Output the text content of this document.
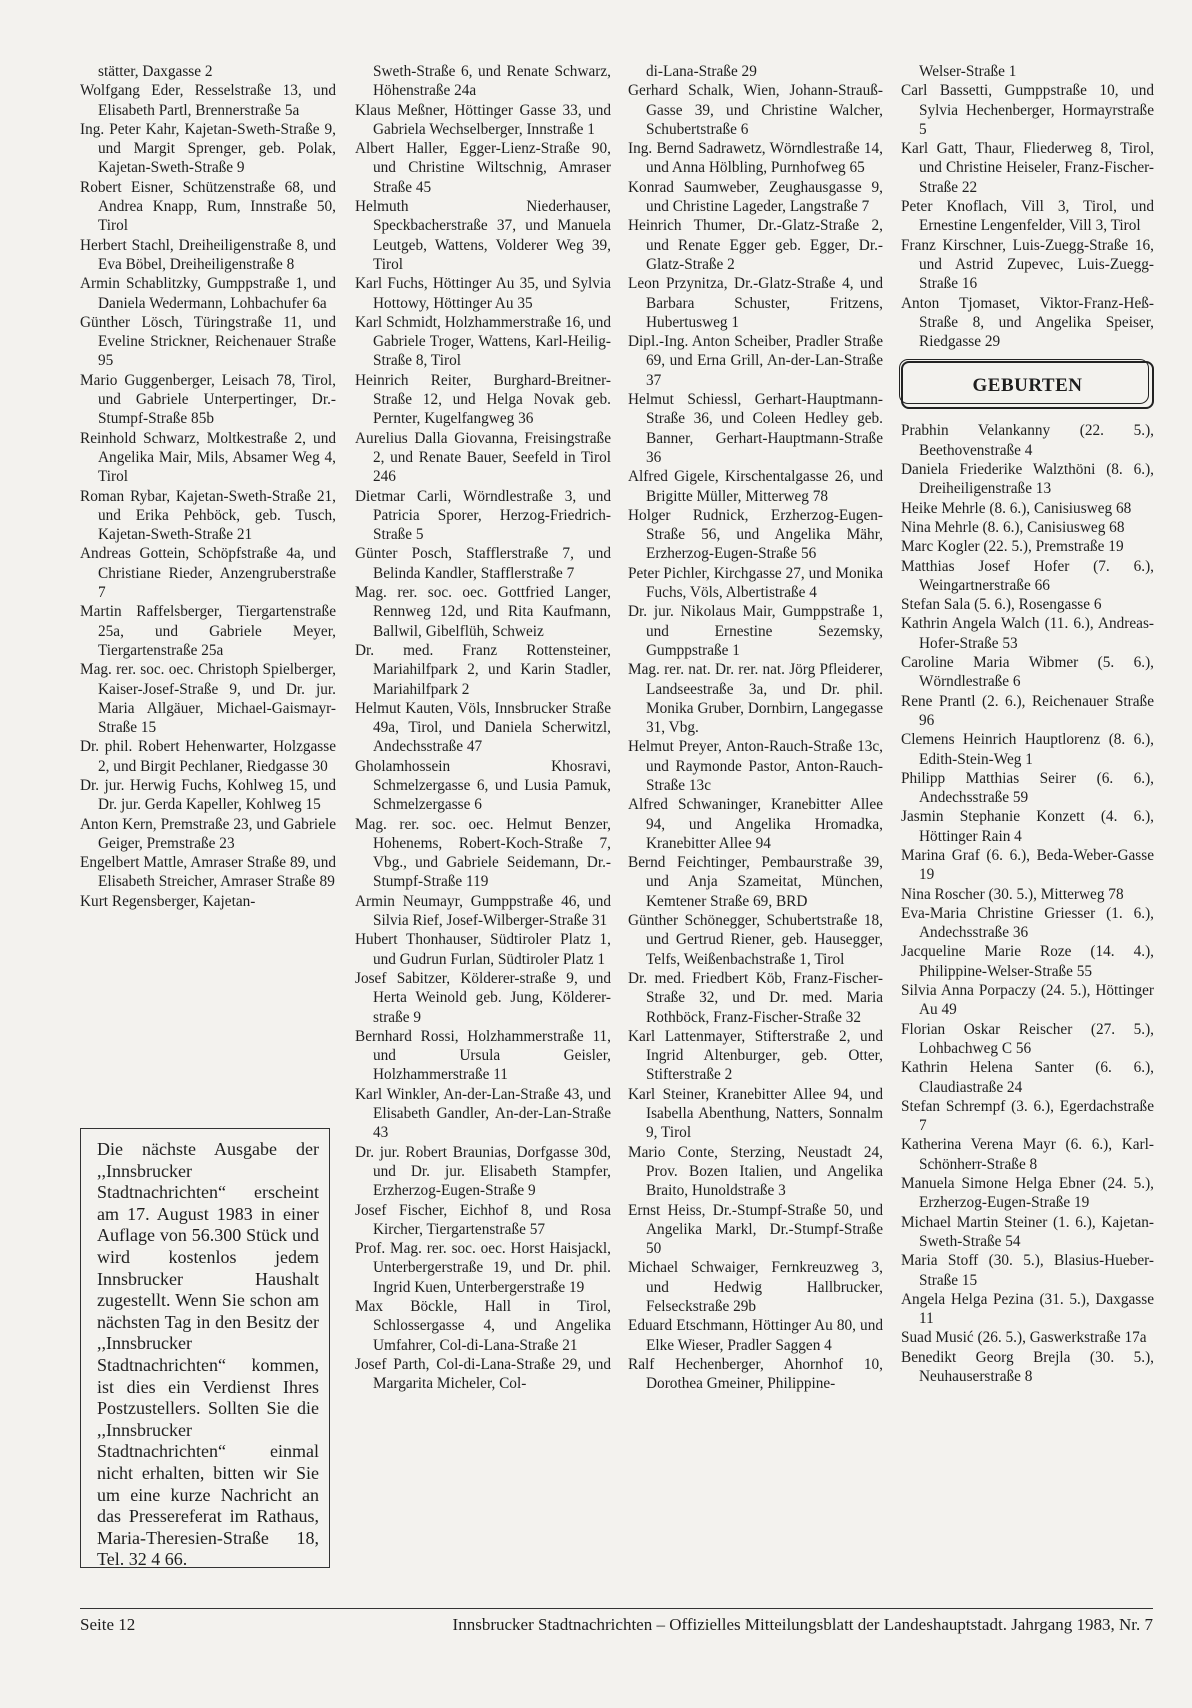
stätter, Daxgasse 2
Wolfgang Eder, Resselstraße 13, und Elisabeth Partl, Brennerstraße 5a
Ing. Peter Kahr, Kajetan-Sweth-Straße 9, und Margit Sprenger, geb. Polak, Kajetan-Sweth-Straße 9
Robert Eisner, Schützenstraße 68, und Andrea Knapp, Rum, Innstraße 50, Tirol
Herbert Stachl, Dreiheiligenstraße 8, und Eva Böbel, Dreiheiligenstraße 8
Armin Schablitzky, Gumppstraße 1, und Daniela Wedermann, Lohbachufer 6a
Günther Lösch, Türingstraße 11, und Eveline Strickner, Reichenauer Straße 95
Mario Guggenberger, Leisach 78, Tirol, und Gabriele Unterpertinger, Dr.-Stumpf-Straße 85b
Reinhold Schwarz, Moltkestraße 2, und Angelika Mair, Mils, Absamer Weg 4, Tirol
Roman Rybar, Kajetan-Sweth-Straße 21, und Erika Pehböck, geb. Tusch, Kajetan-Sweth-Straße 21
Andreas Gottein, Schöpfstraße 4a, und Christiane Rieder, Anzengruberstraße 7
Martin Raffelsberger, Tiergartenstraße 25a, und Gabriele Meyer, Tiergartenstraße 25a
Mag. rer. soc. oec. Christoph Spielberger, Kaiser-Josef-Straße 9, und Dr. jur. Maria Allgäuer, Michael-Gaismayr-Straße 15
Dr. phil. Robert Hehenwarter, Holzgasse 2, und Birgit Pechlaner, Riedgasse 30
Dr. jur. Herwig Fuchs, Kohlweg 15, und Dr. jur. Gerda Kapeller, Kohlweg 15
Anton Kern, Premstraße 23, und Gabriele Geiger, Premstraße 23
Engelbert Mattle, Amraser Straße 89, und Elisabeth Streicher, Amraser Straße 89
Kurt Regensberger, Kajetan-
Sweth-Straße 6, und Renate Schwarz, Höhenstraße 24a
Klaus Meßner, Höttinger Gasse 33, und Gabriela Wechselberger, Innstraße 1
Albert Haller, Egger-Lienz-Straße 90, und Christine Wiltschnig, Amraser Straße 45
Helmuth Niederhauser, Speckbacherstraße 37, und Manuela Leutgeb, Wattens, Volderer Weg 39, Tirol
Karl Fuchs, Höttinger Au 35, und Sylvia Hottowy, Höttinger Au 35
Karl Schmidt, Holzhammerstraße 16, und Gabriele Troger, Wattens, Karl-Heilig-Straße 8, Tirol
Heinrich Reiter, Burghard-Breitner-Straße 12, und Helga Novak geb. Pernter, Kugelfangweg 36
Aurelius Dalla Giovanna, Freisingstraße 2, und Renate Bauer, Seefeld in Tirol 246
Dietmar Carli, Wörndlestraße 3, und Patricia Sporer, Herzog-Friedrich-Straße 5
Günter Posch, Stafflerstraße 7, und Belinda Kandler, Stafflerstraße 7
Mag. rer. soc. oec. Gottfried Langer, Rennweg 12d, und Rita Kaufmann, Ballwil, Gibelflüh, Schweiz
Dr. med. Franz Rottensteiner, Mariahilfpark 2, und Karin Stadler, Mariahilfpark 2
Helmut Kauten, Völs, Innsbrucker Straße 49a, Tirol, und Daniela Scherwitzl, Andechsstraße 47
Gholamhossein Khosravi, Schmelzergasse 6, und Lusia Pamuk, Schmelzergasse 6
Mag. rer. soc. oec. Helmut Benzer, Hohenems, Robert-Koch-Straße 7, Vbg., und Gabriele Seidemann, Dr.-Stumpf-Straße 119
Armin Neumayr, Gumppstraße 46, und Silvia Rief, Josef-Wilberger-Straße 31
Hubert Thonhauser, Südtiroler Platz 1, und Gudrun Furlan, Südtiroler Platz 1
Josef Sabitzer, Kölderer-straße 9, und Herta Weinold geb. Jung, Kölderer-straße 9
Bernhard Rossi, Holzhammerstraße 11, und Ursula Geisler, Holzhammerstraße 11
Karl Winkler, An-der-Lan-Straße 43, und Elisabeth Gandler, An-der-Lan-Straße 43
Dr. jur. Robert Braunias, Dorfgasse 30d, und Dr. jur. Elisabeth Stampfer, Erzherzog-Eugen-Straße 9
Josef Fischer, Eichhof 8, und Rosa Kircher, Tiergartenstraße 57
Prof. Mag. rer. soc. oec. Horst Haisjackl, Unterbergerstraße 19, und Dr. phil. Ingrid Kuen, Unterbergerstraße 19
Max Böckle, Hall in Tirol, Schlossergasse 4, und Angelika Umfahrer, Col-di-Lana-Straße 21
Josef Parth, Col-di-Lana-Straße 29, und Margarita Micheler, Col-
di-Lana-Straße 29
Gerhard Schalk, Wien, Johann-Strauß-Gasse 39, und Christine Walcher, Schubertstraße 6
Ing. Bernd Sadrawetz, Wörndlestraße 14, und Anna Hölbling, Purnhofweg 65
Konrad Saumweber, Zeughausgasse 9, und Christine Lageder, Langstraße 7
Heinrich Thumer, Dr.-Glatz-Straße 2, und Renate Egger geb. Egger, Dr.-Glatz-Straße 2
Leon Przynitza, Dr.-Glatz-Straße 4, und Barbara Schuster, Fritzens, Hubertusweg 1
Dipl.-Ing. Anton Scheiber, Pradler Straße 69, und Erna Grill, An-der-Lan-Straße 37
Helmut Schiessl, Gerhart-Hauptmann-Straße 36, und Coleen Hedley geb. Banner, Gerhart-Hauptmann-Straße 36
Alfred Gigele, Kirschentalgasse 26, und Brigitte Müller, Mitterweg 78
Holger Rudnick, Erzherzog-Eugen-Straße 56, und Angelika Mähr, Erzherzog-Eugen-Straße 56
Peter Pichler, Kirchgasse 27, und Monika Fuchs, Völs, Albertistraße 4
Dr. jur. Nikolaus Mair, Gumppstraße 1, und Ernestine Sezemsky, Gumppstraße 1
Mag. rer. nat. Dr. rer. nat. Jörg Pfleiderer, Landseestraße 3a, und Dr. phil. Monika Gruber, Dornbirn, Langegasse 31, Vbg.
Helmut Preyer, Anton-Rauch-Straße 13c, und Raymonde Pastor, Anton-Rauch-Straße 13c
Alfred Schwaninger, Kranebitter Allee 94, und Angelika Hromadka, Kranebitter Allee 94
Bernd Feichtinger, Pembaurstraße 39, und Anja Szameitat, München, Kemtener Straße 69, BRD
Günther Schönegger, Schubertstraße 18, und Gertrud Riener, geb. Hausegger, Telfs, Weißenbachstraße 1, Tirol
Dr. med. Friedbert Köb, Franz-Fischer-Straße 32, und Dr. med. Maria Rothböck, Franz-Fischer-Straße 32
Karl Lattenmayer, Stifterstraße 2, und Ingrid Altenburger, geb. Otter, Stifterstraße 2
Karl Steiner, Kranebitter Allee 94, und Isabella Abenthung, Natters, Sonnalm 9, Tirol
Mario Conte, Sterzing, Neustadt 24, Prov. Bozen Italien, und Angelika Braito, Hunoldstraße 3
Ernst Heiss, Dr.-Stumpf-Straße 50, und Angelika Markl, Dr.-Stumpf-Straße 50
Michael Schwaiger, Fernkreuzweg 3, und Hedwig Hallbrucker, Felseckstraße 29b
Eduard Etschmann, Höttinger Au 80, und Elke Wieser, Pradler Saggen 4
Ralf Hechenberger, Ahornhof 10, Dorothea Gmeiner, Philippine-
Welser-Straße 1
Carl Bassetti, Gumppstraße 10, und Sylvia Hechenberger, Hormayrstraße 5
Karl Gatt, Thaur, Fliederweg 8, Tirol, und Christine Heiseler, Franz-Fischer-Straße 22
Peter Knoflach, Vill 3, Tirol, und Ernestine Lengenfelder, Vill 3, Tirol
Franz Kirschner, Luis-Zuegg-Straße 16, und Astrid Zupevec, Luis-Zuegg-Straße 16
Anton Tjomaset, Viktor-Franz-Heß-Straße 8, und Angelika Speiser, Riedgasse 29
GEBURTEN
Prabhin Velankanny (22. 5.), Beethovenstraße 4
Daniela Friederike Walzthöni (8. 6.), Dreiheiligenstraße 13
Heike Mehrle (8. 6.), Canisiusweg 68
Nina Mehrle (8. 6.), Canisiusweg 68
Marc Kogler (22. 5.), Premstraße 19
Matthias Josef Hofer (7. 6.), Weingartnerstraße 66
Stefan Sala (5. 6.), Rosengasse 6
Kathrin Angela Walch (11. 6.), Andreas-Hofer-Straße 53
Caroline Maria Wibmer (5. 6.), Wörndlestraße 6
Rene Prantl (2. 6.), Reichenauer Straße 96
Clemens Heinrich Hauptlorenz (8. 6.), Edith-Stein-Weg 1
Philipp Matthias Seirer (6. 6.), Andechsstraße 59
Jasmin Stephanie Konzett (4. 6.), Höttinger Rain 4
Marina Graf (6. 6.), Beda-Weber-Gasse 19
Nina Roscher (30. 5.), Mitterweg 78
Eva-Maria Christine Griesser (1. 6.), Andechsstraße 36
Jacqueline Marie Roze (14. 4.), Philippine-Welser-Straße 55
Silvia Anna Porpaczy (24. 5.), Höttinger Au 49
Florian Oskar Reischer (27. 5.), Lohbachweg C 56
Kathrin Helena Santer (6. 6.), Claudiastraße 24
Stefan Schrempf (3. 6.), Egerdachstraße 7
Katherina Verena Mayr (6. 6.), Karl-Schönherr-Straße 8
Manuela Simone Helga Ebner (24. 5.), Erzherzog-Eugen-Straße 19
Michael Martin Steiner (1. 6.), Kajetan-Sweth-Straße 54
Maria Stoff (30. 5.), Blasius-Hueber-Straße 15
Angela Helga Pezina (31. 5.), Daxgasse 11
Suad Musić (26. 5.), Gaswerkstraße 17a
Benedikt Georg Brejla (30. 5.), Neuhauserstraße 8
Die nächste Ausgabe der ,,Innsbrucker Stadtnachrichten“ erscheint am 17. August 1983 in einer Auflage von 56.300 Stück und wird kostenlos jedem Innsbrucker Haushalt zugestellt. Wenn Sie schon am nächsten Tag in den Besitz der ,,Innsbrucker Stadtnachrichten“ kommen, ist dies ein Verdienst Ihres Postzustellers. Sollten Sie die ,,Innsbrucker Stadtnachrichten“ einmal nicht erhalten, bitten wir Sie um eine kurze Nachricht an das Pressereferat im Rathaus, Maria-Theresien-Straße 18, Tel. 32 4 66.
Seite 12	Innsbrucker Stadtnachrichten – Offizielles Mitteilungsblatt der Landeshauptstadt. Jahrgang 1983, Nr. 7
